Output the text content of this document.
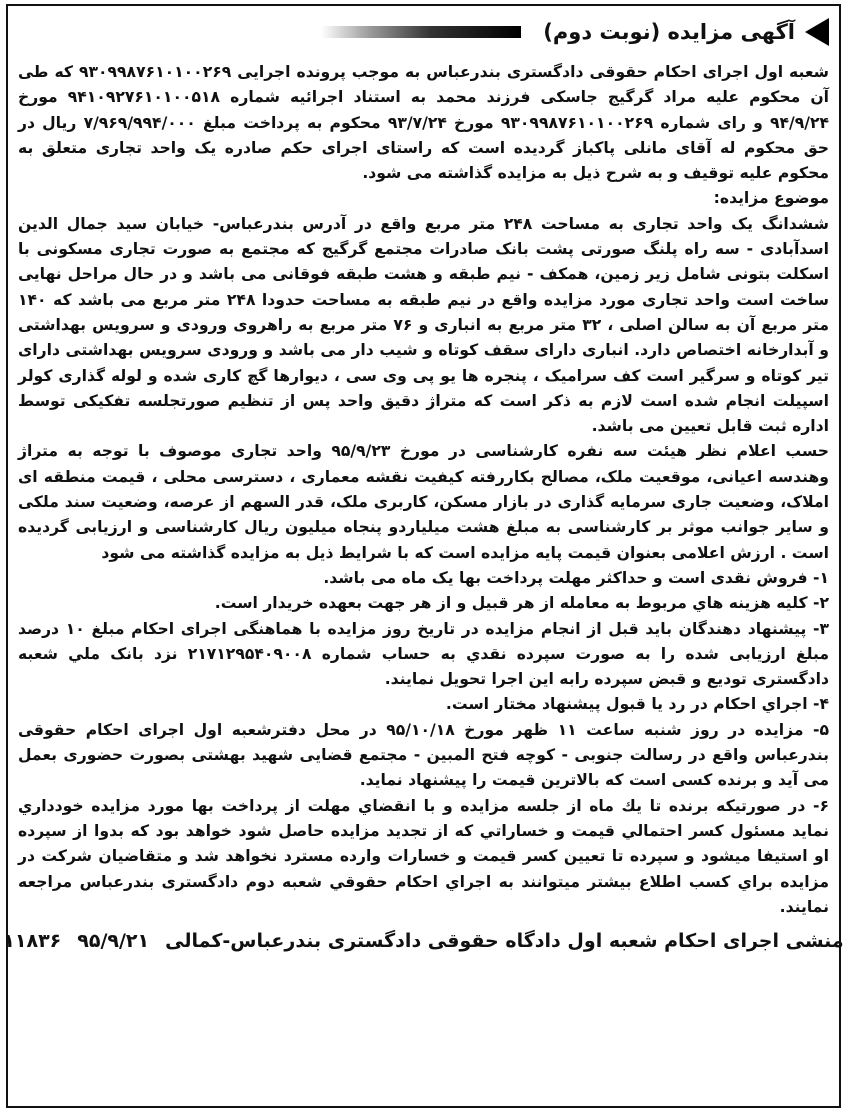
آگهی مزایده (نوبت دوم)

شعبه اول اجرای احکام حقوقی دادگستری بندرعباس به موجب پرونده اجرایی ۹۳۰۹۹۸۷۶۱۰۱۰۰۲۶۹ که طی آن محکوم علیه مراد گرگیج جاسکی فرزند محمد به استناد اجرائیه شماره ۹۴۱۰۹۲۷۶۱۰۱۰۰۵۱۸ مورخ ۹۴/۹/۲۴ و رای شماره ۹۳۰۹۹۸۷۶۱۰۱۰۰۲۶۹ مورخ ۹۳/۷/۲۴ محکوم به پرداخت مبلغ ۷/۹۶۹/۹۹۴/۰۰۰ ریال در حق محکوم له آقای مانلی پاکباز گردیده است که راستای اجرای حکم صادره یک واحد تجاری متعلق به محکوم علیه توقیف و به شرح ذیل به مزایده گذاشته می شود.

موضوع مزایده:

ششدانگ یک واحد تجاری به مساحت ۲۴۸ متر مربع واقع در آدرس بندرعباس- خیابان سید جمال الدین اسدآبادی - سه راه پلنگ صورتی پشت بانک صادرات مجتمع گرگیج که مجتمع به صورت تجاری مسکونی با اسکلت بتونی شامل زیر زمین، همکف - نیم طبقه و هشت طبقه فوقانی می باشد و در حال مراحل نهایی ساخت است واحد تجاری مورد مزایده واقع در نیم طبقه به مساحت حدودا ۲۴۸ متر مربع می باشد که ۱۴۰ متر مربع آن به سالن اصلی ، ۳۲ متر مربع به انباری و ۷۶ متر مربع به راهروی ورودی و سرویس بهداشتی و آبدارخانه اختصاص دارد. انباری دارای سقف کوتاه و شیب دار می باشد و ورودی سرویس بهداشتی دارای تیر کوتاه و سرگیر است کف سرامیک ، پنجره ها یو پی وی سی ، دیوارها گچ کاری شده و لوله گذاری کولر اسپیلت انجام شده است لازم به ذکر است که متراژ دقیق واحد پس از تنظیم صورتجلسه تفکیکی توسط اداره ثبت قابل تعیین می باشد.

حسب اعلام نظر هیئت سه نفره کارشناسی در مورخ ۹۵/۹/۲۳ واحد تجاری موصوف با توجه به متراژ وهندسه اعیانی، موقعیت ملک، مصالح بکاررفته کیفیت نقشه معماری ، دسترسی محلی ، قیمت منطقه ای املاک، وضعیت جاری سرمایه گذاری در بازار مسکن، کاربری ملک، قدر السهم از عرصه، وضعیت سند ملکی و سایر جوانب موثر بر کارشناسی به مبلغ هشت میلیاردو پنجاه میلیون ریال کارشناسی و ارزیابی گردیده است . ارزش اعلامی بعنوان قیمت پایه مزایده است که با شرایط ذیل به مزایده گذاشته می شود

۱- فروش نقدی است و حداکثر مهلت پرداخت بها یک ماه می باشد.

۲- کلیه هزینه هاي مربوط به معامله از هر قبیل و از هر جهت بعهده خریدار است.

۳- پیشنهاد دهندگان باید قبل از انجام مزایده در تاریخ روز مزایده با هماهنگی اجرای احکام مبلغ ۱۰ درصد مبلغ ارزیابی شده را به صورت سپرده نقدي به حساب شماره ۲۱۷۱۲۹۵۴۰۹۰۰۸ نزد بانک ملي شعبه دادگستری تودیع و قبض سپرده رابه این اجرا تحویل نمایند.

۴- اجراي احکام در رد یا قبول پیشنهاد مختار است.

۵- مزایده در روز شنبه ساعت ۱۱ ظهر مورخ ۹۵/۱۰/۱۸ در محل دفترشعبه اول اجرای احکام حقوقی بندرعباس واقع در رسالت جنوبی - کوچه فتح المبین - مجتمع قضایی شهید بهشتی بصورت حضوری بعمل می آید و برنده کسی است که بالاترین قیمت را پیشنهاد نماید.

۶- در صورتیکه برنده تا یك ماه از جلسه مزایده و با انقضاي مهلت از پرداخت بها مورد مزایده خودداري نماید مسئول کسر احتمالي قیمت و خساراتي که از تجدید مزایده حاصل شود خواهد بود که بدوا از سپرده او استیفا میشود و سپرده تا تعیین کسر قیمت و خسارات وارده مسترد نخواهد شد و متقاضیان شرکت در مزایده براي کسب اطلاع بیشتر میتوانند به اجراي احکام حقوقي شعبه دوم دادگستری بندرعباس مراجعه نمایند.

منشی اجرای احکام شعبه اول دادگاه حقوقی دادگستری بندرعباس-کمالی
۹۵/۹/۲۱
۱۱۸۳۶
